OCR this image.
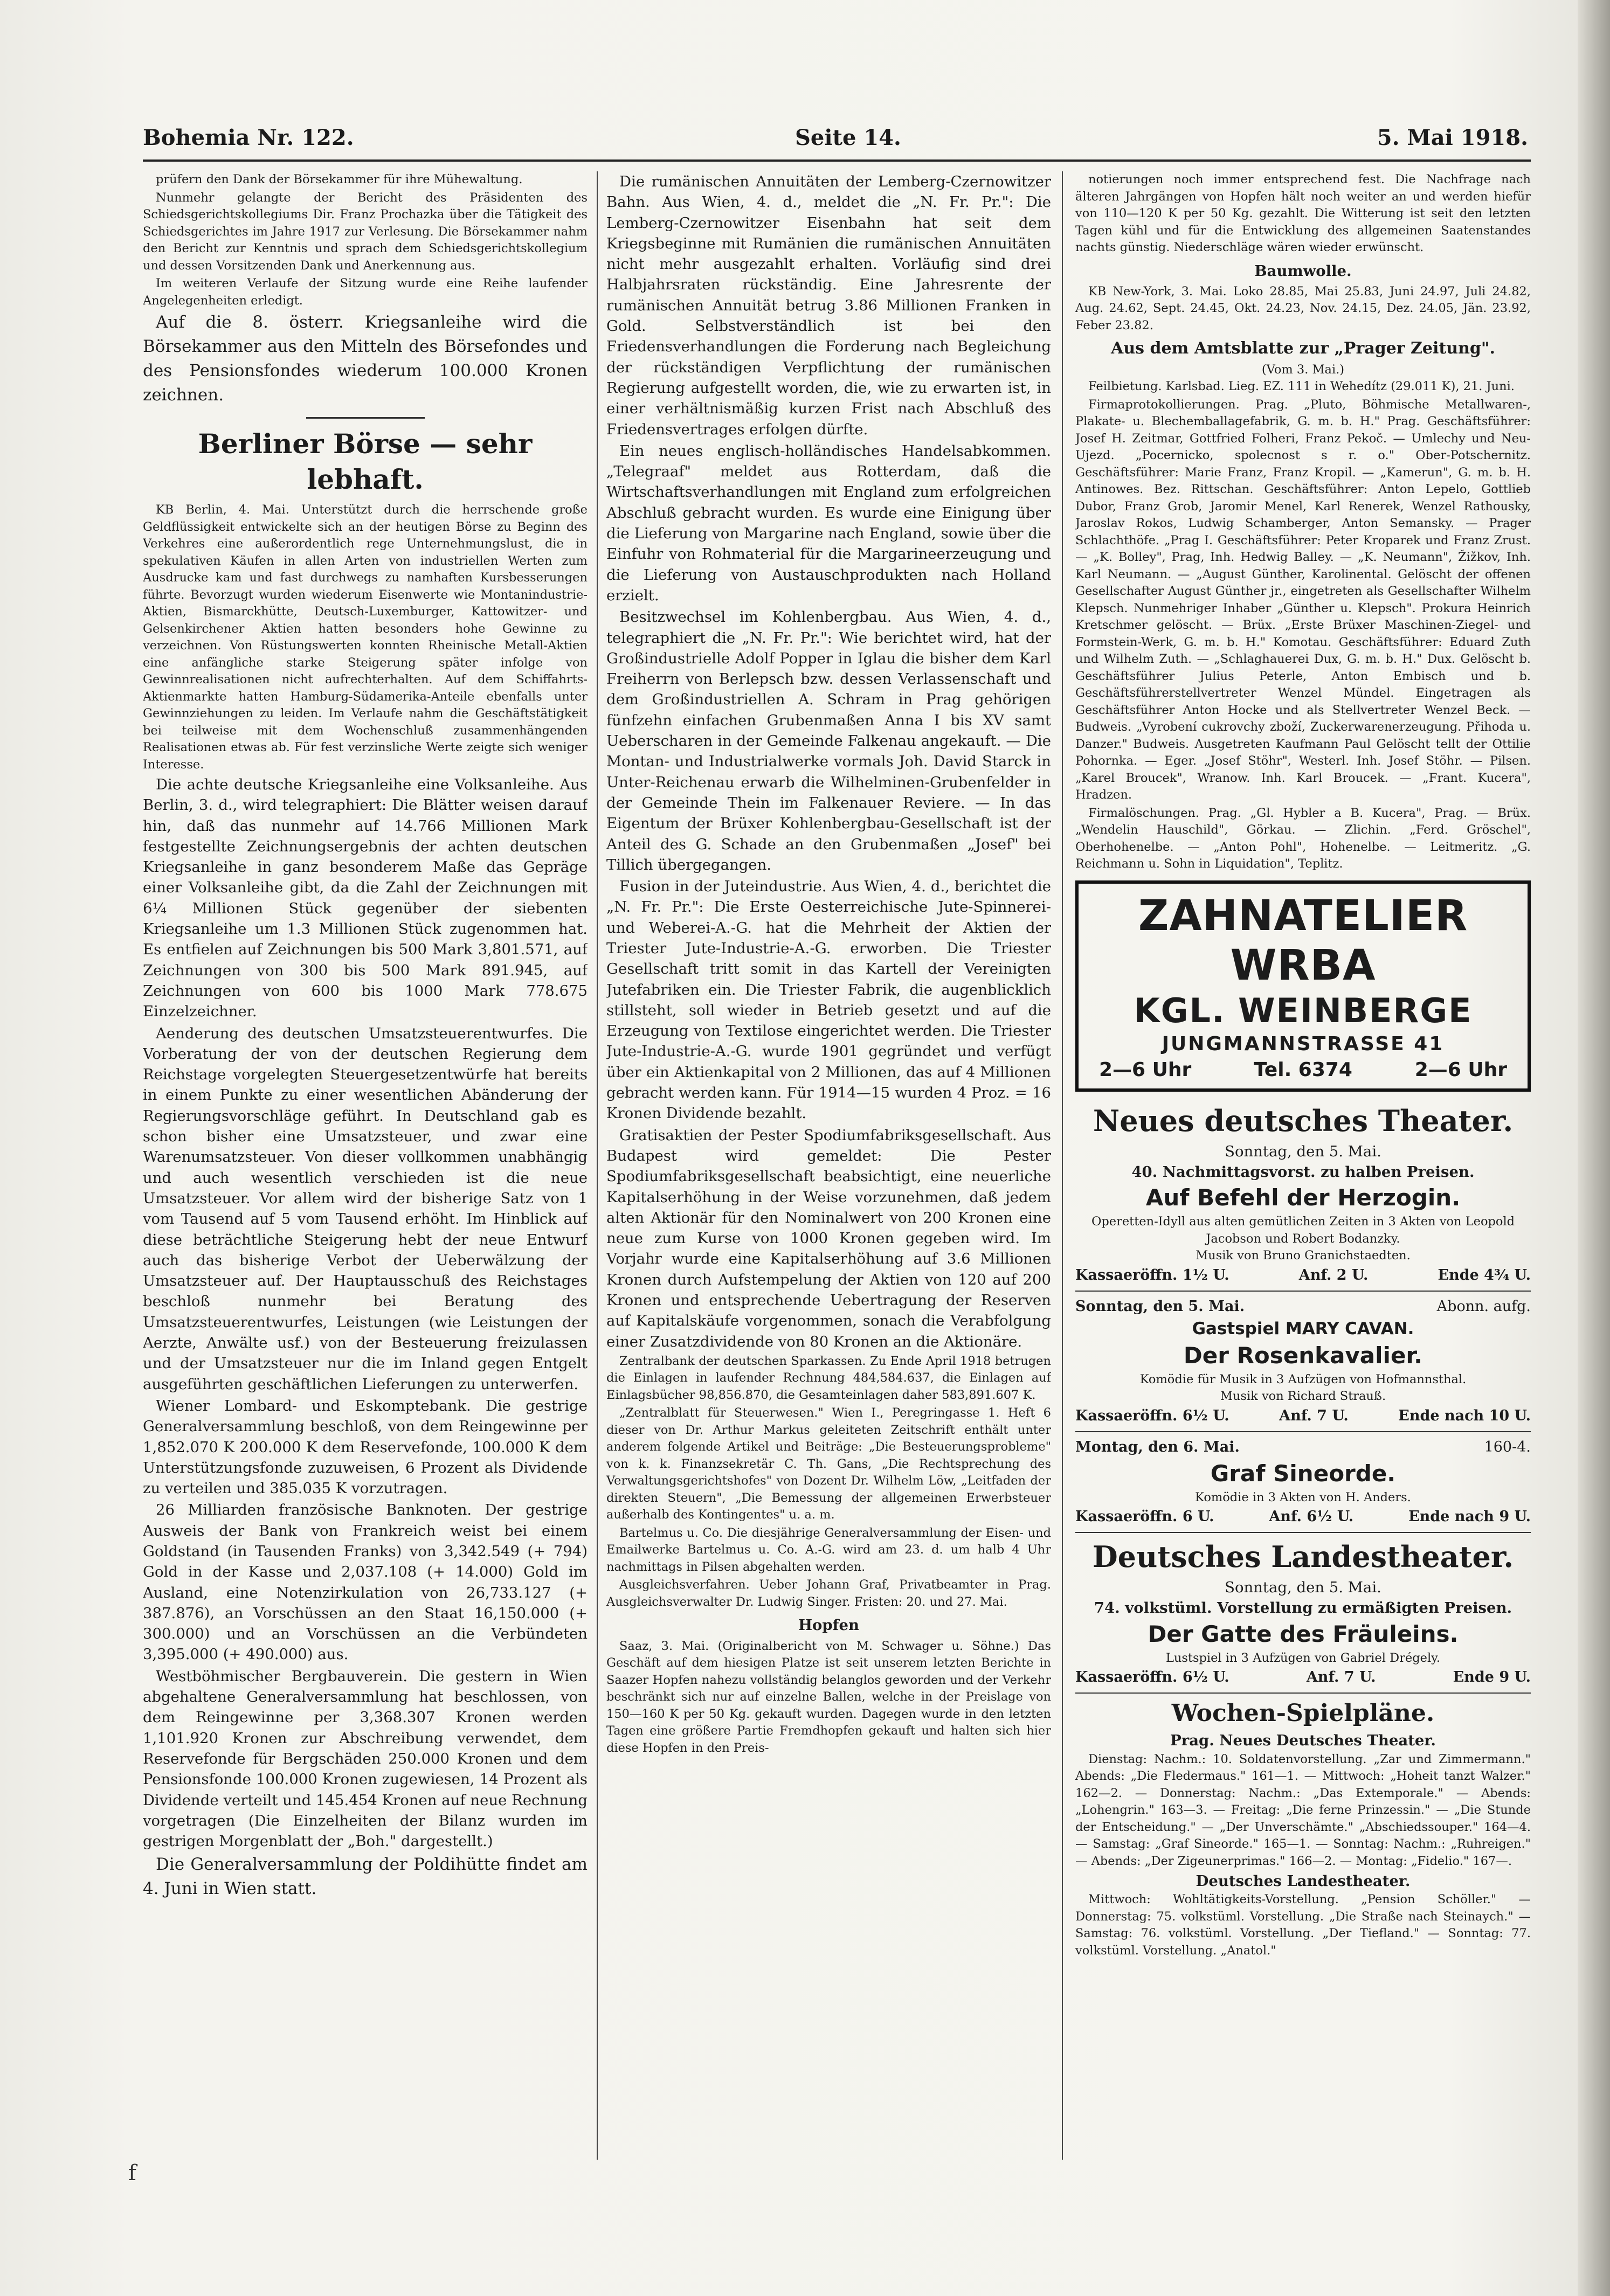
Bohemia Nr. 122.	Seite 14.	5. Mai 1918.

prüfern den Dank der Börsekammer für ihre Mühewaltung.

Nunmehr gelangte der Bericht des Präsidenten des Schiedsgerichtskollegiums Dir. Franz Prochazka über die Tätigkeit des Schiedsgerichtes im Jahre 1917 zur Verlesung. Die Börsekammer nahm den Bericht zur Kenntnis und sprach dem Schiedsgerichtskollegium und dessen Vorsitzenden Dank und Anerkennung aus.

Im weiteren Verlaufe der Sitzung wurde eine Reihe laufender Angelegenheiten erledigt.

Auf die 8. österr. Kriegsanleihe wird die Börsekammer aus den Mitteln des Börsefondes und des Pensionsfondes wiederum 100.000 Kronen zeichnen.

Berliner Börse — sehr lebhaft.

KB Berlin, 4. Mai. Unterstützt durch die herrschende große Geldflüssigkeit entwickelte sich an der heutigen Börse zu Beginn des Verkehres eine außerordentlich rege Unternehmungslust, die in spekulativen Käufen in allen Arten von industriellen Werten zum Ausdrucke kam und fast durchwegs zu namhaften Kursbesserungen führte. Bevorzugt wurden wiederum Eisenwerte wie Montanindustrie-Aktien, Bismarckhütte, Deutsch-Luxemburger, Kattowitzer- und Gelsenkirchener Aktien hatten besonders hohe Gewinne zu verzeichnen. Von Rüstungswerten konnten Rheinische Metall-Aktien eine anfängliche starke Steigerung später infolge von Gewinnrealisationen nicht aufrechterhalten. Auf dem Schiffahrts-Aktienmarkte hatten Hamburg-Südamerika-Anteile ebenfalls unter Gewinnziehungen zu leiden. Im Verlaufe nahm die Geschäftstätigkeit bei teilweise mit dem Wochenschluß zusammenhängenden Realisationen etwas ab. Für fest verzinsliche Werte zeigte sich weniger Interesse.

Die achte deutsche Kriegsanleihe eine Volksanleihe. Aus Berlin, 3. d., wird telegraphiert: Die Blätter weisen darauf hin, daß das nunmehr auf 14.766 Millionen Mark festgestellte Zeichnungsergebnis der achten deutschen Kriegsanleihe in ganz besonderem Maße das Gepräge einer Volksanleihe gibt, da die Zahl der Zeichnungen mit 6¼ Millionen Stück gegenüber der siebenten Kriegsanleihe um 1.3 Millionen Stück zugenommen hat. Es entfielen auf Zeichnungen bis 500 Mark 3,801.571, auf Zeichnungen von 300 bis 500 Mark 891.945, auf Zeichnungen von 600 bis 1000 Mark 778.675 Einzelzeichner.

Aenderung des deutschen Umsatzsteuerentwurfes. Die Vorberatung der von der deutschen Regierung dem Reichstage vorgelegten Steuergesetzentwürfe hat bereits in einem Punkte zu einer wesentlichen Abänderung der Regierungsvorschläge geführt. In Deutschland gab es schon bisher eine Umsatzsteuer, und zwar eine Warenumsatzsteuer. Von dieser vollkommen unabhängig und auch wesentlich verschieden ist die neue Umsatzsteuer. Vor allem wird der bisherige Satz von 1 vom Tausend auf 5 vom Tausend erhöht. Im Hinblick auf diese beträchtliche Steigerung hebt der neue Entwurf auch das bisherige Verbot der Ueberwälzung der Umsatzsteuer auf. Der Hauptausschuß des Reichstages beschloß nunmehr bei Beratung des Umsatzsteuerentwurfes, Leistungen (wie Leistungen der Aerzte, Anwälte usf.) von der Besteuerung freizulassen und der Umsatzsteuer nur die im Inland gegen Entgelt ausgeführten geschäftlichen Lieferungen zu unterwerfen.

Wiener Lombard- und Eskomptebank. Die gestrige Generalversammlung beschloß, von dem Reingewinne per 1,852.070 K 200.000 K dem Reservefonde, 100.000 K dem Unterstützungsfonde zuzuweisen, 6 Prozent als Dividende zu verteilen und 385.035 K vorzutragen.

26 Milliarden französische Banknoten. Der gestrige Ausweis der Bank von Frankreich weist bei einem Goldstand (in Tausenden Franks) von 3,342.549 (+ 794) Gold in der Kasse und 2,037.108 (+ 14.000) Gold im Ausland, eine Notenzirkulation von 26,733.127 (+ 387.876), an Vorschüssen an den Staat 16,150.000 (+ 300.000) und an Vorschüssen an die Verbündeten 3,395.000 (+ 490.000) aus.

Westböhmischer Bergbauverein. Die gestern in Wien abgehaltene Generalversammlung hat beschlossen, von dem Reingewinne per 3,368.307 Kronen werden 1,101.920 Kronen zur Abschreibung verwendet, dem Reservefonde für Bergschäden 250.000 Kronen und dem Pensionsfonde 100.000 Kronen zugewiesen, 14 Prozent als Dividende verteilt und 145.454 Kronen auf neue Rechnung vorgetragen (Die Einzelheiten der Bilanz wurden im gestrigen Morgenblatt der „Boh." dargestellt.)

Die Generalversammlung der Poldihütte findet am 4. Juni in Wien statt.

Die rumänischen Annuitäten der Lemberg-Czernowitzer Bahn. Aus Wien, 4. d., meldet die „N. Fr. Pr.": Die Lemberg-Czernowitzer Eisenbahn hat seit dem Kriegsbeginne mit Rumänien die rumänischen Annuitäten nicht mehr ausgezahlt erhalten. Vorläufig sind drei Halbjahrsraten rückständig. Eine Jahresrente der rumänischen Annuität betrug 3.86 Millionen Franken in Gold. Selbstverständlich ist bei den Friedensverhandlungen die Forderung nach Begleichung der rückständigen Verpflichtung der rumänischen Regierung aufgestellt worden, die, wie zu erwarten ist, in einer verhältnismäßig kurzen Frist nach Abschluß des Friedensvertrages erfolgen dürfte.

Ein neues englisch-holländisches Handelsabkommen. „Telegraaf" meldet aus Rotterdam, daß die Wirtschaftsverhandlungen mit England zum erfolgreichen Abschluß gebracht wurden. Es wurde eine Einigung über die Lieferung von Margarine nach England, sowie über die Einfuhr von Rohmaterial für die Margarineerzeugung und die Lieferung von Austauschprodukten nach Holland erzielt.

Besitzwechsel im Kohlenbergbau. Aus Wien, 4. d., telegraphiert die „N. Fr. Pr.": Wie berichtet wird, hat der Großindustrielle Adolf Popper in Iglau die bisher dem Karl Freiherrn von Berlepsch bzw. dessen Verlassenschaft und dem Großindustriellen A. Schram in Prag gehörigen fünfzehn einfachen Grubenmaßen Anna I bis XV samt Ueberscharen in der Gemeinde Falkenau angekauft. — Die Montan- und Industrialwerke vormals Joh. David Starck in Unter-Reichenau erwarb die Wilhelminen-Grubenfelder in der Gemeinde Thein im Falkenauer Reviere. — In das Eigentum der Brüxer Kohlenbergbau-Gesellschaft ist der Anteil des G. Schade an den Grubenmaßen „Josef" bei Tillich übergegangen.

Fusion in der Juteindustrie. Aus Wien, 4. d., berichtet die „N. Fr. Pr.": Die Erste Oesterreichische Jute-Spinnerei- und Weberei-A.-G. hat die Mehrheit der Aktien der Triester Jute-Industrie-A.-G. erworben. Die Triester Gesellschaft tritt somit in das Kartell der Vereinigten Jutefabriken ein. Die Triester Fabrik, die augenblicklich stillsteht, soll wieder in Betrieb gesetzt und auf die Erzeugung von Textilose eingerichtet werden. Die Triester Jute-Industrie-A.-G. wurde 1901 gegründet und verfügt über ein Aktienkapital von 2 Millionen, das auf 4 Millionen gebracht werden kann. Für 1914—15 wurden 4 Proz. = 16 Kronen Dividende bezahlt.

Gratisaktien der Pester Spodiumfabriksgesellschaft. Aus Budapest wird gemeldet: Die Pester Spodiumfabriksgesellschaft beabsichtigt, eine neuerliche Kapitalserhöhung in der Weise vorzunehmen, daß jedem alten Aktionär für den Nominalwert von 200 Kronen eine neue zum Kurse von 1000 Kronen gegeben wird. Im Vorjahr wurde eine Kapitalserhöhung auf 3.6 Millionen Kronen durch Aufstempelung der Aktien von 120 auf 200 Kronen und entsprechende Uebertragung der Reserven auf Kapitalskäufe vorgenommen, sonach die Verabfolgung einer Zusatzdividende von 80 Kronen an die Aktionäre.

Zentralbank der deutschen Sparkassen. Zu Ende April 1918 betrugen die Einlagen in laufender Rechnung 484,584.637, die Einlagen auf Einlagsbücher 98,856.870, die Gesamteinlagen daher 583,891.607 K.

„Zentralblatt für Steuerwesen." Wien I., Peregringasse 1. Heft 6 dieser von Dr. Arthur Markus geleiteten Zeitschrift enthält unter anderem folgende Artikel und Beiträge: „Die Besteuerungsprobleme" von k. k. Finanzsekretär C. Th. Gans, „Die Rechtsprechung des Verwaltungsgerichtshofes" von Dozent Dr. Wilhelm Löw, „Leitfaden der direkten Steuern", „Die Bemessung der allgemeinen Erwerbsteuer außerhalb des Kontingentes" u. a. m.

Bartelmus u. Co. Die diesjährige Generalversammlung der Eisen- und Emailwerke Bartelmus u. Co. A.-G. wird am 23. d. um halb 4 Uhr nachmittags in Pilsen abgehalten werden.

Ausgleichsverfahren. Ueber Johann Graf, Privatbeamter in Prag. Ausgleichsverwalter Dr. Ludwig Singer. Fristen: 20. und 27. Mai.

Hopfen

Saaz, 3. Mai. (Originalbericht von M. Schwager u. Söhne.) Das Geschäft auf dem hiesigen Platze ist seit unserem letzten Berichte in Saazer Hopfen nahezu vollständig belanglos geworden und der Verkehr beschränkt sich nur auf einzelne Ballen, welche in der Preislage von 150—160 K per 50 Kg. gekauft wurden. Dagegen wurde in den letzten Tagen eine größere Partie Fremdhopfen gekauft und halten sich hier diese Hopfen in den Preis-

notierungen noch immer entsprechend fest. Die Nachfrage nach älteren Jahrgängen von Hopfen hält noch weiter an und werden hiefür von 110—120 K per 50 Kg. gezahlt. Die Witterung ist seit den letzten Tagen kühl und für die Entwicklung des allgemeinen Saatenstandes nachts günstig. Niederschläge wären wieder erwünscht.

Baumwolle.

KB New-York, 3. Mai. Loko 28.85, Mai 25.83, Juni 24.97, Juli 24.82, Aug. 24.62, Sept. 24.45, Okt. 24.23, Nov. 24.15, Dez. 24.05, Jän. 23.92, Feber 23.82.

Aus dem Amtsblatte zur „Prager Zeitung".
(Vom 3. Mai.)

Feilbietung. Karlsbad. Lieg. EZ. 111 in Wehedítz (29.011 K), 21. Juni.

Firmaprotokollierungen. Prag. „Pluto, Böhmische Metallwaren-, Plakate- u. Blechemballagefabrik, G. m. b. H." Prag. Geschäftsführer: Josef H. Zeitmar, Gottfried Folheri, Franz Pekoč. — Umlechy und Neu-Ujezd. „Pocernicko, spolecnost s r. o." Ober-Potschernitz. Geschäftsführer: Marie Franz, Franz Kropil. — „Kamerun", G. m. b. H. Antinowes. Bez. Rittschan. Geschäftsführer: Anton Lepelo, Gottlieb Dubor, Franz Grob, Jaromir Menel, Karl Renerek, Wenzel Rathousky, Jaroslav Rokos, Ludwig Schamberger, Anton Semansky. — Prager Schlachthöfe. „Prag I. Geschäftsführer: Peter Kroparek und Franz Zrust. — „K. Bolley", Prag, Inh. Hedwig Balley. — „K. Neumann", Žižkov, Inh. Karl Neumann. — „August Günther, Karolinental. Gelöscht der offenen Gesellschafter August Günther jr., eingetreten als Gesellschafter Wilhelm Klepsch. Nunmehriger Inhaber „Günther u. Klepsch". Prokura Heinrich Kretschmer gelöscht. — Brüx. „Erste Brüxer Maschinen-Ziegel- und Formstein-Werk, G. m. b. H." Komotau. Geschäftsführer: Eduard Zuth und Wilhelm Zuth. — „Schlaghauerei Dux, G. m. b. H." Dux. Gelöscht b. Geschäftsführer Julius Peterle, Anton Embisch und b. Geschäftsführerstellvertreter Wenzel Mündel. Eingetragen als Geschäftsführer Anton Hocke und als Stellvertreter Wenzel Beck. — Budweis. „Vyrobení cukrovchy zboží, Zuckerwarenerzeugung. Přihoda u. Danzer." Budweis. Ausgetreten Kaufmann Paul Gelöscht tellt der Ottilie Pohornka. — Eger. „Josef Stöhr", Westerl. Inh. Josef Stöhr. — Pilsen. „Karel Broucek", Wranow. Inh. Karl Broucek. — „Frant. Kucera", Hradzen.

Firmalöschungen. Prag. „Gl. Hybler a B. Kucera", Prag. — Brüx. „Wendelin Hauschild", Görkau. — Zlichin. „Ferd. Gröschel", Oberhohenelbe. — „Anton Pohl", Hohenelbe. — Leitmeritz. „G. Reichmann u. Sohn in Liquidation", Teplitz.

ZAHNATELIER WRBA
KGL. WEINBERGE
JUNGMANNSTRASSE 41
2—6 Uhr	Tel. 6374	2—6 Uhr
Neues deutsches Theater.
Sonntag, den 5. Mai.
40. Nachmittagsvorst. zu halben Preisen.
Auf Befehl der Herzogin.
Operetten-Idyll aus alten gemütlichen Zeiten in 3 Akten von Leopold Jacobson und Robert Bodanzky.
Musik von Bruno Granichstaedten.
Kassaeröffn. 1½ U.	Anf. 2 U.	Ende 4¾ U.
Sonntag, den 5. Mai.	Abonn. aufg.
Gastspiel MARY CAVAN.
Der Rosenkavalier.
Komödie für Musik in 3 Aufzügen von Hofmannsthal.
Musik von Richard Strauß.
Kassaeröffn. 6½ U.	Anf. 7 U.	Ende nach 10 U.
Montag, den 6. Mai.	160-4.
Graf Sineorde.
Komödie in 3 Akten von H. Anders.
Kassaeröffn. 6 U.	Anf. 6½ U.	Ende nach 9 U.
Deutsches Landestheater.
Sonntag, den 5. Mai.
74. volkstüml. Vorstellung zu ermäßigten Preisen.
Der Gatte des Fräuleins.
Lustspiel in 3 Aufzügen von Gabriel Drégely.
Kassaeröffn. 6½ U.	Anf. 7 U.	Ende 9 U.
Wochen-Spielpläne.
Prag. Neues Deutsches Theater.

Dienstag: Nachm.: 10. Soldatenvorstellung. „Zar und Zimmermann." Abends: „Die Fledermaus." 161—1. — Mittwoch: „Hoheit tanzt Walzer." 162—2. — Donnerstag: Nachm.: „Das Extemporale." — Abends: „Lohengrin." 163—3. — Freitag: „Die ferne Prinzessin." — „Die Stunde der Entscheidung." — „Der Unverschämte." „Abschiedssouper." 164—4. — Samstag: „Graf Sineorde." 165—1. — Sonntag: Nachm.: „Ruhreigen." — Abends: „Der Zigeunerprimas." 166—2. — Montag: „Fidelio." 167—.

Deutsches Landestheater.

Mittwoch: Wohltätigkeits-Vorstellung. „Pension Schöller." — Donnerstag: 75. volkstüml. Vorstellung. „Die Straße nach Steinaych." — Samstag: 76. volkstüml. Vorstellung. „Der Tiefland." — Sonntag: 77. volkstüml. Vorstellung. „Anatol."

f
